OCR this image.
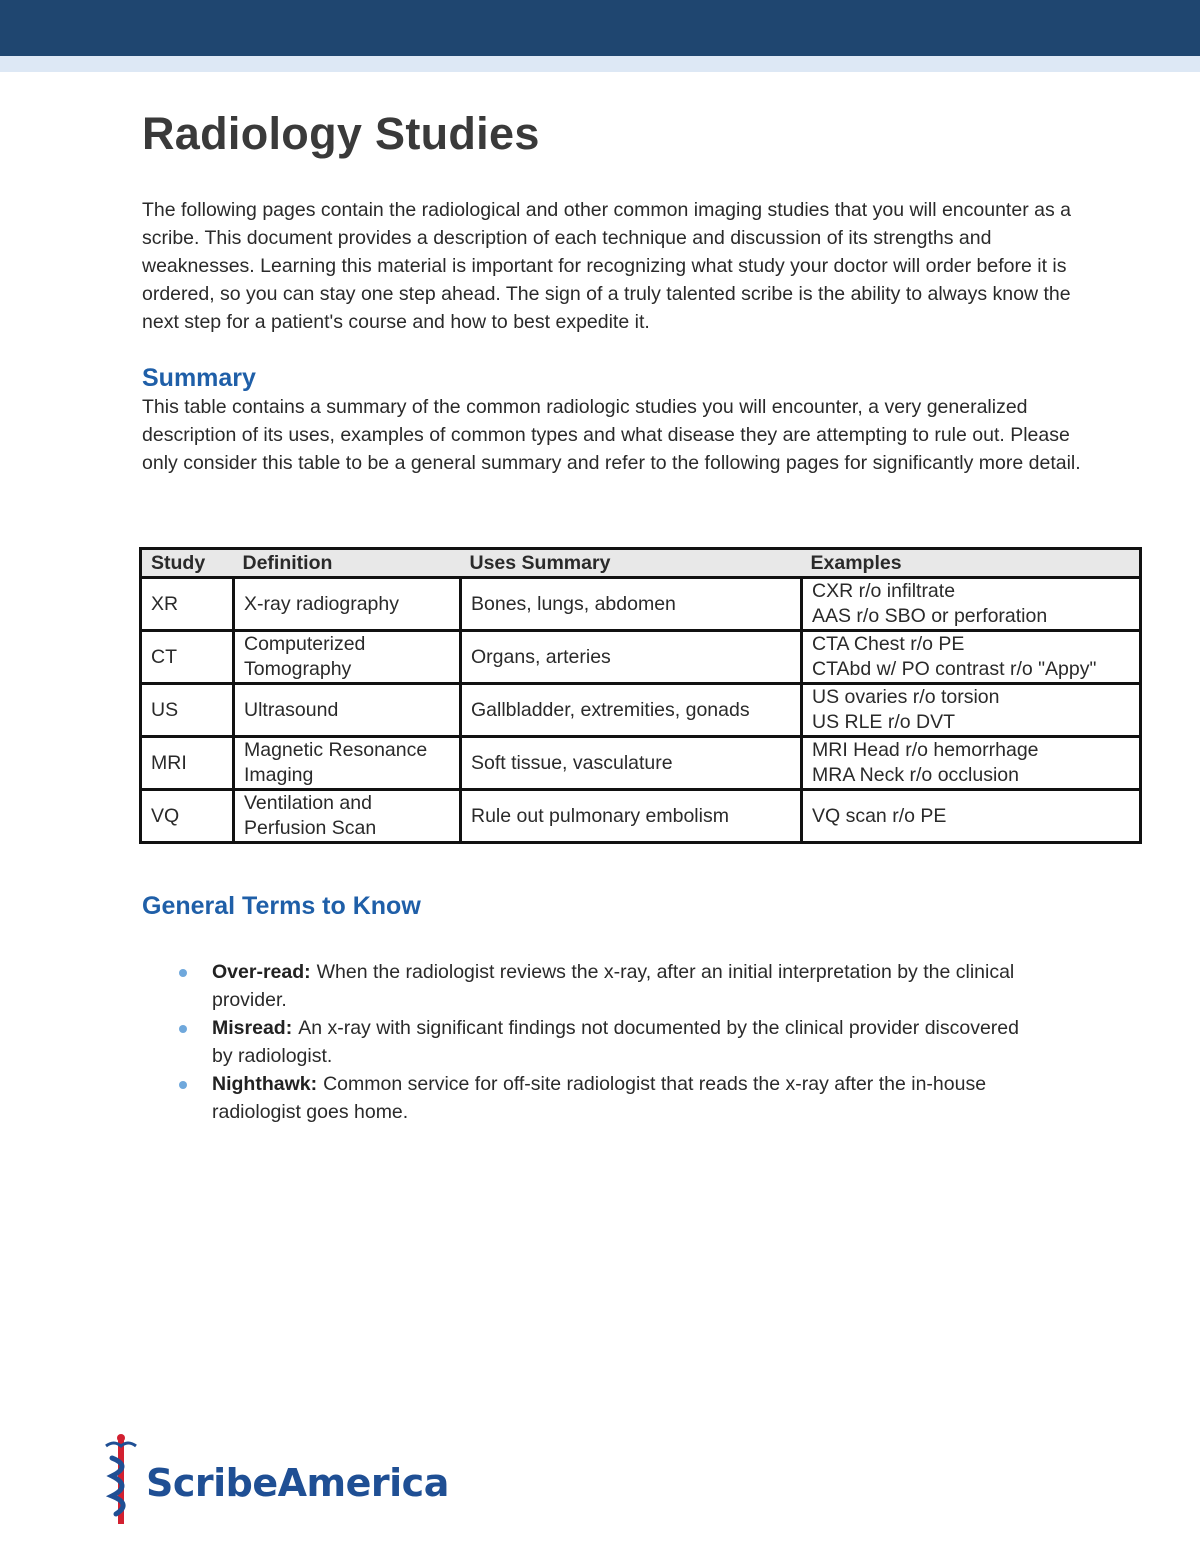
Radiology Studies

The following pages contain the radiological and other common imaging studies that you will encounter as a scribe. This document provides a description of each technique and discussion of its strengths and weaknesses. Learning this material is important for recognizing what study your doctor will order before it is ordered, so you can stay one step ahead. The sign of a truly talented scribe is the ability to always know the next step for a patient's course and how to best expedite it.

Summary

This table contains a summary of the common radiologic studies you will encounter, a very generalized description of its uses, examples of common types and what disease they are attempting to rule out. Please only consider this table to be a general summary and refer to the following pages for significantly more detail.

General Terms to Know
Over-read: When the radiologist reviews the x-ray, after an initial interpretation by the clinical provider.
Misread: An x-ray with significant findings not documented by the clinical provider discovered by radiologist.
Nighthawk: Common service for off-site radiologist that reads the x-ray after the in-house radiologist goes home.
Study	Definition	Uses Summary	Examples
XR	X-ray radiography	Bones, lungs, abdomen	CXR r/o infiltrate
AAS r/o SBO or perforation

CT	Computerized Tomography	Organs, arteries	CTA Chest r/o PE
CTAbd w/ PO contrast r/o "Appy"

US	Ultrasound	Gallbladder, extremities, gonads	US ovaries r/o torsion
US RLE r/o DVT

MRI	Magnetic Resonance Imaging	Soft tissue, vasculature	MRI Head r/o hemorrhage
MRA Neck r/o occlusion

VQ	Ventilation and Perfusion Scan	Rule out pulmonary embolism	VQ scan r/o PE
ScribeAmerica
